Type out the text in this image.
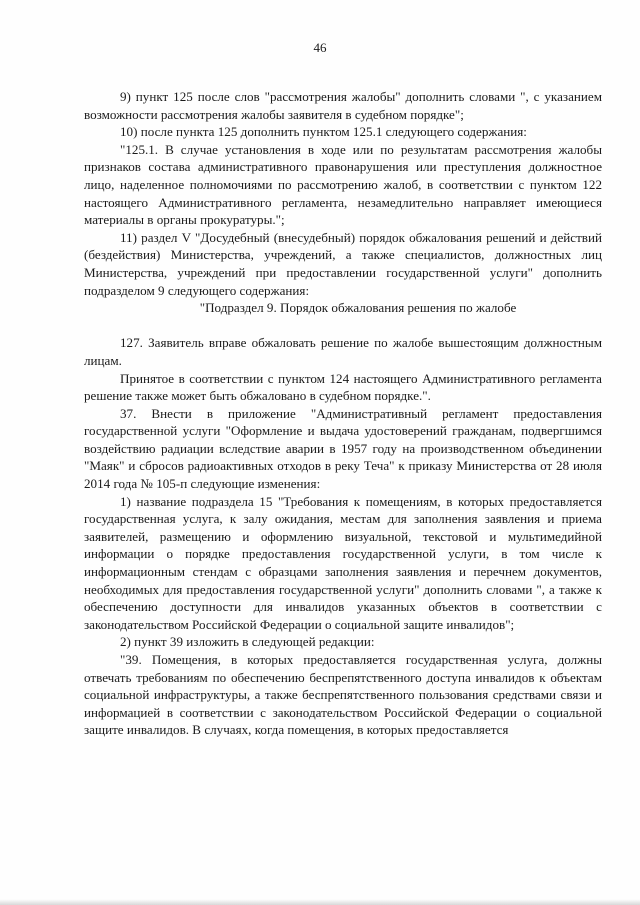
46

9) пункт 125 после слов "рассмотрения жалобы" дополнить словами ", с указанием возможности рассмотрения жалобы заявителя в судебном порядке";

10) после пункта 125 дополнить пунктом 125.1 следующего содержания:

"125.1. В случае установления в ходе или по результатам рассмотрения жалобы признаков состава административного правонарушения или преступления должностное лицо, наделенное полномочиями по рассмотрению жалоб, в соответствии с пунктом 122 настоящего Административного регламента, незамедлительно направляет имеющиеся материалы в органы прокуратуры.";

11) раздел V "Досудебный (внесудебный) порядок обжалования решений и действий (бездействия) Министерства, учреждений, а также специалистов, должностных лиц Министерства, учреждений при предоставлении государственной услуги" дополнить подразделом 9 следующего содержания:

"Подраздел 9. Порядок обжалования решения по жалобе

127. Заявитель вправе обжаловать решение по жалобе вышестоящим должностным лицам.

Принятое в соответствии с пунктом 124 настоящего Административного регламента решение также может быть обжаловано в судебном порядке.".

37. Внести в приложение "Административный регламент предоставления государственной услуги "Оформление и выдача удостоверений гражданам, подвергшимся воздействию радиации вследствие аварии в 1957 году на производственном объединении "Маяк" и сбросов радиоактивных отходов в реку Теча" к приказу Министерства от 28 июля 2014 года № 105-п следующие изменения:

1) название подраздела 15 "Требования к помещениям, в которых предоставляется государственная услуга, к залу ожидания, местам для заполнения заявления и приема заявителей, размещению и оформлению визуальной, текстовой и мультимедийной информации о порядке предоставления государственной услуги, в том числе к информационным стендам с образцами заполнения заявления и перечнем документов, необходимых для предоставления государственной услуги" дополнить словами ", а также к обеспечению доступности для инвалидов указанных объектов в соответствии с законодательством Российской Федерации о социальной защите инвалидов";

2) пункт 39 изложить в следующей редакции:

"39. Помещения, в которых предоставляется государственная услуга, должны отвечать требованиям по обеспечению беспрепятственного доступа инвалидов к объектам социальной инфраструктуры, а также беспрепятственного пользования средствами связи и информацией в соответствии с законодательством Российской Федерации о социальной защите инвалидов. В случаях, когда помещения, в которых предоставляется
